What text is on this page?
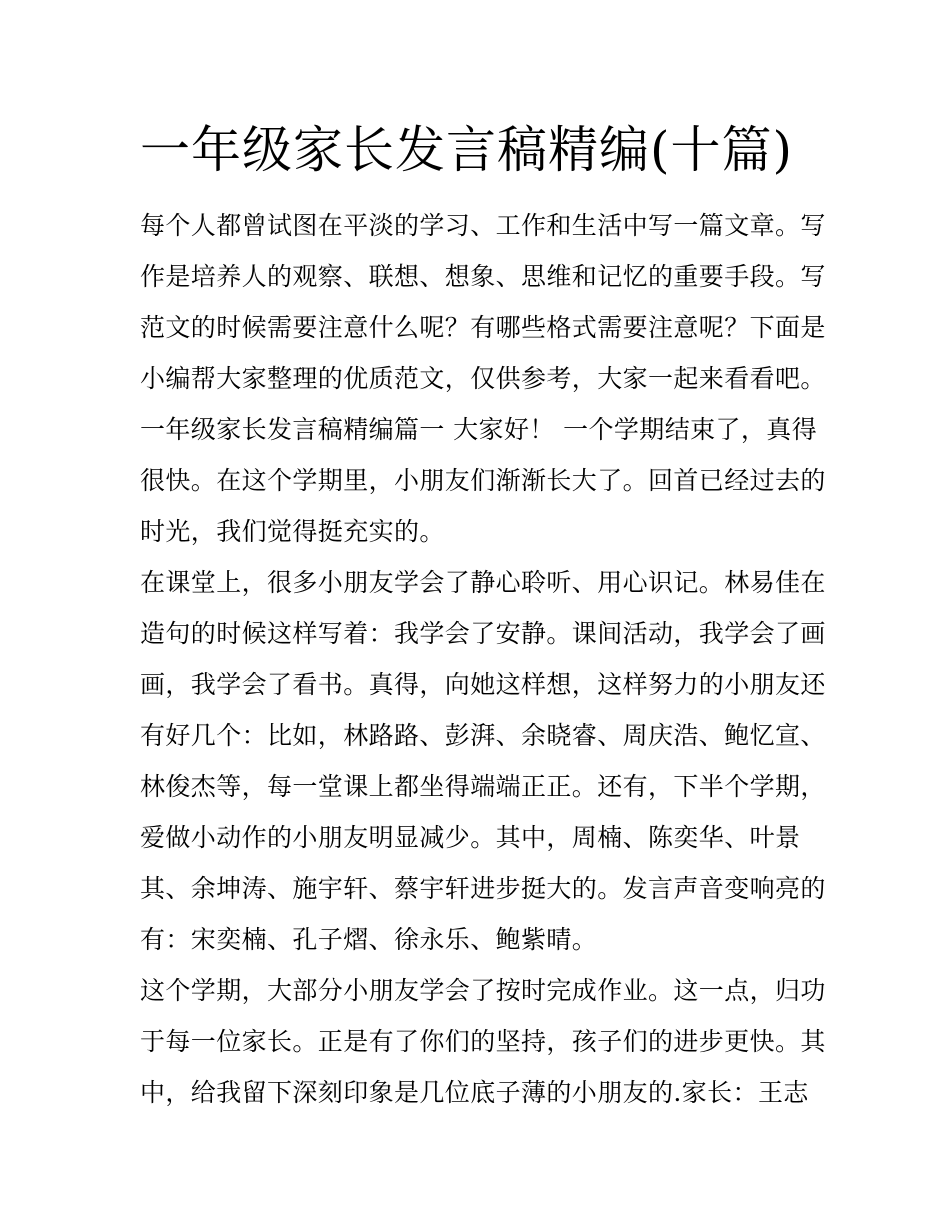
一年级家长发言稿精编(十篇)
每个人都曾试图在平淡的学习、工作和生活中写一篇文章。写
作是培养人的观察、联想、想象、思维和记忆的重要手段。写
范文的时候需要注意什么呢？有哪些格式需要注意呢？下面是
小编帮大家整理的优质范文，仅供参考，大家一起来看看吧。
一年级家长发言稿精编篇一 大家好！ 一个学期结束了，真得
很快。在这个学期里，小朋友们渐渐长大了。回首已经过去的
时光，我们觉得挺充实的。
在课堂上，很多小朋友学会了静心聆听、用心识记。林易佳在
造句的时候这样写着：我学会了安静。课间活动，我学会了画
画，我学会了看书。真得，向她这样想，这样努力的小朋友还
有好几个：比如，林路路、彭湃、余晓睿、周庆浩、鲍忆宣、
林俊杰等，每一堂课上都坐得端端正正。还有，下半个学期，
爱做小动作的小朋友明显减少。其中，周楠、陈奕华、叶景
其、余坤涛、施宇轩、蔡宇轩进步挺大的。发言声音变响亮的
有：宋奕楠、孔子熠、徐永乐、鲍紫晴。
这个学期，大部分小朋友学会了按时完成作业。这一点，归功
于每一位家长。正是有了你们的坚持，孩子们的进步更快。其
中，给我留下深刻印象是几位底子薄的小朋友的.家长：王志
